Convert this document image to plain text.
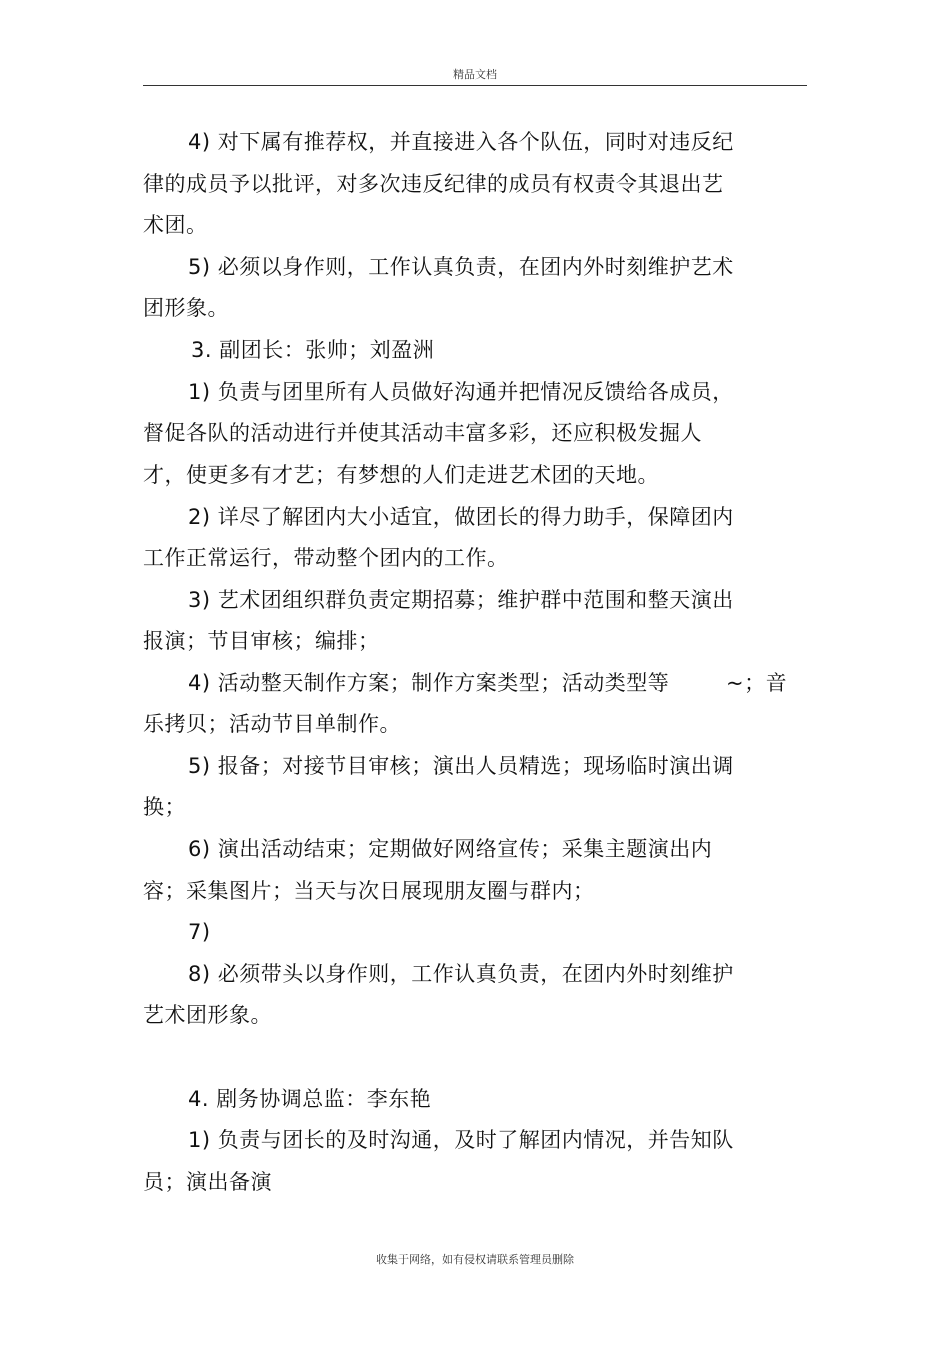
精品文档
4) 对下属有推荐权，并直接进入各个队伍，同时对违反纪
律的成员予以批评，对多次违反纪律的成员有权责令其退出艺
术团。
5) 必须以身作则，工作认真负责，在团内外时刻维护艺术
团形象。
3. 副团长：张帅；刘盈洲
1) 负责与团里所有人员做好沟通并把情况反馈给各成员，
督促各队的活动进行并使其活动丰富多彩，还应积极发掘人
才，使更多有才艺；有梦想的人们走进艺术团的天地。
2) 详尽了解团内大小适宜，做团长的得力助手，保障团内
工作正常运行，带动整个团内的工作。
3) 艺术团组织群负责定期招募；维护群中范围和整天演出
报演；节目审核；编排；
4) 活动整天制作方案；制作方案类型；活动类型等	~；音
乐拷贝；活动节目单制作。
5) 报备；对接节目审核；演出人员精选；现场临时演出调
换；
6) 演出活动结束；定期做好网络宣传；采集主题演出内
容；采集图片；当天与次日展现朋友圈与群内；
7)
8) 必须带头以身作则，工作认真负责，在团内外时刻维护
艺术团形象。
4. 剧务协调总监：李东艳
1) 负责与团长的及时沟通，及时了解团内情况，并告知队
员；演出备演
收集于网络，如有侵权请联系管理员删除
